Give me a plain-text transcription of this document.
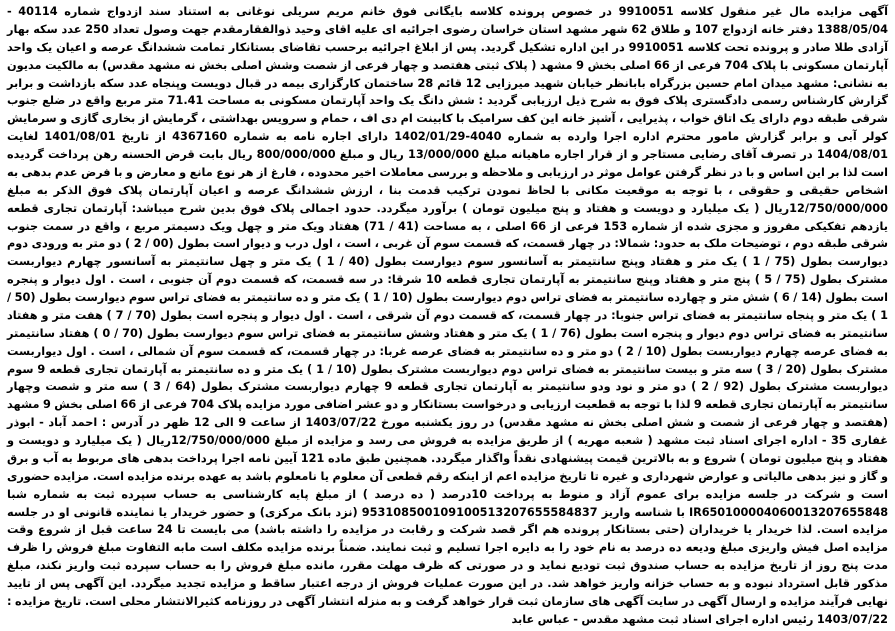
آگهی مزایده مال غیر منقول کلاسه 9910051 در خصوص پرونده کلاسه بایگانی فوق خانم مریم سریلی نوغانی به استناد سند ازدواج شماره 40114 - 1388/05/04 دفتر خانه ازدواج 107 و طلاق 62 شهر مشهد استان خراسان رضوی اجرائیه ای علیه اقای وحید ذوالفقارمقدم جهت وصول تعداد 250 عدد سکه بهار آزادی طلا صادر و پرونده تحت کلاسه 9910051 در این اداره تشکیل گردید. پس از ابلاغ اجرائیه برحسب تقاضای بستانکار تمامت ششدانگ عرصه و اعیان یک واحد آپارتمان مسکونی با پلاک 704 فرعی از 66 اصلی بخش 9 مشهد ( پلاک ثبتی هفتصد و چهار فرعی از شصت وشش اصلی بخش نه مشهد مقدس) به مالکیت مدیون به نشانی: مشهد میدان امام حسین بزرگراه بابانظر خیابان شهید میرزایی 12 قائم 28 ساختمان کارگزاری بیمه در قبال دویست وپنجاه عدد سکه بازداشت و برابر گزارش کارشناس رسمی دادگستری پلاک فوق به شرح ذیل ارزیابی گردید : شش دانگ یک واحد آپارتمان مسکونی به مساحت 71.41 متر مربع واقع در ضلع جنوب شرقی طبقه دوم دارای یک اتاق خواب ، پذیرایی ، آشپز خانه این کف سرامیک با کابینت ام دی اف ، حمام و سرویس بهداشتی ، گرمایش از بخاری گازی و سرمایش کولر آبی و برابر گزارش مامور محترم اداره اجرا وارده به شماره 4040-1402/01/29 دارای اجاره نامه به شماره 4367160 از تاریخ 1401/08/01 لغایت 1404/08/01 در تصرف آقای رضایی مستاجر و از قرار اجاره ماهیانه مبلغ 13/000/000 ریال و مبلغ 800/000/000 ریال بابت قرض الحسنه رهن پرداخت گردیده است لذا بر این اساس و با در نظر گرفتن عوامل موثر در ارزیابی و ملاحظه و بررسی معاملات اخیر محدوده ، فارغ از هر نوع مانع و معارض و با فرض عدم بدهی به اشخاص حقیقی و حقوقی ، با توجه به موقعیت مکانی با لحاظ نمودن ترکیب قدمت بنا ، ارزش ششدانگ عرصه و اعیان آپارتمان پلاک فوق الذکر به مبلغ 12/750/000/000ریال ( یک میلیارد و دویست و هفتاد و پنج میلیون تومان ) برآورد میگردد. حدود اجمالی پلاک فوق بدین شرح میباشد: آپارتمان تجاری قطعه یازدهم تفکیکی مفروز و مجزی شده از شماره 153 فرعی از 66 اصلی ، به مساحت (41 / 71) هفتاد ویک متر و چهل ویک دسیمتر مربع ، واقع در سمت جنوب شرقی طبقه دوم ، توضیحات ملک به حدود: شمالا: در چهار قسمت، که قسمت سوم آن غربی ، است ، اول درب و دیوار است بطول (00 / 2 ) دو متر به ورودی دوم دیوارست بطول (75 / 1 ) یک متر و هفتاد وپنج سانتیمتر به آسانسور سوم دیوارست بطول (40 / 1 ) یک متر و چهل سانتیمتر به آسانسور چهارم دیواربست مشترک بطول (75 / 5 ) پنج متر و هفتاد وپنج سانتیمتر به آپارتمان تجاری قطعه 10 شرقا: در سه قسمت، که قسمت دوم آن جنوبی ، است . اول دیوار و پنجره است بطول (14 / 6 ) شش متر و چهارده سانتیمتر به فضای تراس دوم دیوارست بطول (10 / 1 ) یک متر و ده سانتیمتر به فضای تراس سوم دیوارست بطول (50 / 1 ) یک متر و پنجاه سانتیمتر به فضای تراس جنوبا: در چهار قسمت، که قسمت دوم آن شرقی ، است . اول دیوار و پنجره است بطول (70 / 7 ) هفت متر و هفتاد سانتیمتر به فضای تراس دوم دیوار و پنجره است بطول (76 / 1 ) یک متر و هفتاد وشش سانتیمتر به فضای تراس سوم دیوارست بطول (70 / 0 ) هفتاد سانتیمتر به فضای عرصه چهارم دیواربست بطول (10 / 2 ) دو متر و ده سانتیمتر به فضای عرصه غربا: در چهار قسمت، که قسمت سوم آن شمالی ، است . اول دیواربست مشترک بطول (20 / 3 ) سه متر و بیست سانتیمتر به فضای تراس دوم دیواربست مشترک بطول (10 / 1 ) یک متر و ده سانتیمتر به آپارتمان تجاری قطعه 9 سوم دیواربست مشترک بطول (92 / 2 ) دو متر و نود ودو سانتیمتر به آپارتمان تجاری قطعه 9 چهارم دیواربست مشترک بطول (64 / 3 ) سه متر و شصت وچهار سانتیمتر به آپارتمان تجاری قطعه 9 لذا با توجه به قطعیت ارزیابی و درخواست بستانکار و دو عشر اضافی مورد مزایده پلاک 704 فرعی از 66 اصلی بخش 9 مشهد (هفتصد و چهار فرعی از شصت و شش اصلی بخش نه مشهد مقدس) در روز یکشنبه مورخ 1403/07/22 از ساعت 9 الی 12 ظهر در آدرس : احمد آباد - ابوذر غفاری 35 - اداره اجرای اسناد ثبت مشهد ( شعبه مهریه ) از طریق مزایده به فروش می رسد و مزایده از مبلغ 12/750/000/000ریال ( یک میلیارد و دویست و هفتاد و پنج میلیون تومان ) شروع و به بالاترین قیمت پیشنهادی نقداً واگذار میگردد. همچنین طبق ماده 121 آیین نامه اجرا پرداخت بدهی های مربوط به آب و برق و گاز و نیز بدهی مالیاتی و عوارض شهرداری و غیره تا تاریخ مزایده اعم از اینکه رقم قطعی آن معلوم یا نامعلوم باشد به عهده برنده مزایده است. مزایده حضوری است و شرکت در جلسه مزایده برای عموم آزاد و منوط به پرداخت 10درصد ( ده درصد ) از مبلغ پایه کارشناسی به حساب سپرده ثبت به شماره شبا IR650100004060013207655848 با شناسه واریز 953108500109100513207655584837 (نزد بانک مرکزی) و حضور خریدار یا نماینده قانونی او در جلسه مزایده است. لذا خریدار یا خریداران (حتی بستانکار پرونده هم اگر قصد شرکت و رقابت در مزایده را داشته باشد) می بایست تا 24 ساعت قبل از شروع وقت مزایده اصل فیش واریزی مبلغ ودیعه ده درصد به نام خود را به دایره اجرا تسلیم و ثبت نمایند. ضمناً برنده مزایده مکلف است مابه التفاوت مبلغ فروش را ظرف مدت پنج روز از تاریخ مزایده به حساب صندوق ثبت تودیع نماید و در صورتی که ظرف مهلت مقرر، مانده مبلغ فروش را به حساب سپرده ثبت واریز نکند، مبلغ مذکور قابل استرداد نبوده و به حساب خزانه واریز خواهد شد. در این صورت عملیات فروش از درجه اعتبار ساقط و مزایده تجدید میگردد. این آگهی پس از تایید نهایی فرآیند مزایده و ارسال آگهی در سایت آگهی های سازمان ثبت قرار خواهد گرفت و به منزله انتشار آگهی در روزنامه کثیرالانتشار محلی است. تاریخ مزایده : 1403/07/22 رئیس اداره اجرای اسناد ثبت مشهد مقدس - عباس عابد
